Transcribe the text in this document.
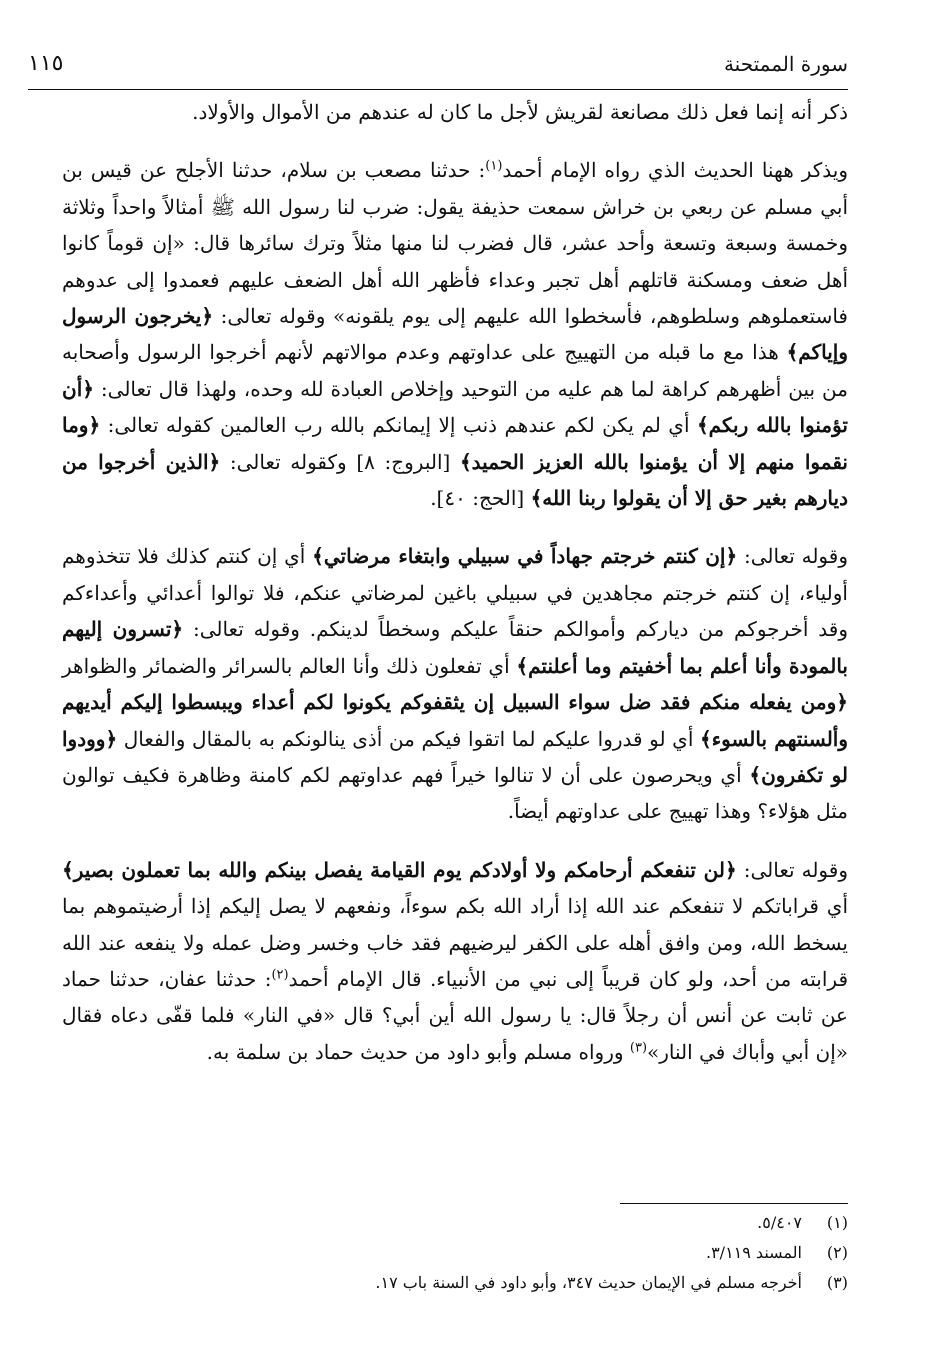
سورة الممتحنة
١١٥

ذكر أنه إنما فعل ذلك مصانعة لقريش لأجل ما كان له عندهم من الأموال والأولاد.

ويذكر ههنا الحديث الذي رواه الإمام أحمد$^{(١)}$: حدثنا مصعب بن سلام، حدثنا الأجلح عن قيس بن أبي مسلم عن ربعي بن خراش سمعت حذيفة يقول: ضرب لنا رسول الله ﷺ أمثالاً واحداً وثلاثة وخمسة وسبعة وتسعة وأحد عشر، قال فضرب لنا منها مثلاً وترك سائرها قال: «إن قوماً كانوا أهل ضعف ومسكنة قاتلهم أهل تجبر وعداء فأظهر الله أهل الضعف عليهم فعمدوا إلى عدوهم فاستعملوهم وسلطوهم، فأسخطوا الله عليهم إلى يوم يلقونه» وقوله تعالى: ﴿يخرجون الرسول وإياكم﴾ هذا مع ما قبله من التهييج على عداوتهم وعدم موالاتهم لأنهم أخرجوا الرسول وأصحابه من بين أظهرهم كراهة لما هم عليه من التوحيد وإخلاص العبادة لله وحده، ولهذا قال تعالى: ﴿أن تؤمنوا بالله ربكم﴾ أي لم يكن لكم عندهم ذنب إلا إيمانكم بالله رب العالمين كقوله تعالى: ﴿وما نقموا منهم إلا أن يؤمنوا بالله العزيز الحميد﴾ [البروج: ٨] وكقوله تعالى: ﴿الذين أخرجوا من ديارهم بغير حق إلا أن يقولوا ربنا الله﴾ [الحج: ٤٠].

وقوله تعالى: ﴿إن كنتم خرجتم جهاداً في سبيلي وابتغاء مرضاتي﴾ أي إن كنتم كذلك فلا تتخذوهم أولياء، إن كنتم خرجتم مجاهدين في سبيلي باغين لمرضاتي عنكم، فلا توالوا أعدائي وأعداءكم وقد أخرجوكم من دياركم وأموالكم حنقاً عليكم وسخطاً لدينكم. وقوله تعالى: ﴿تسرون إليهم بالمودة وأنا أعلم بما أخفيتم وما أعلنتم﴾ أي تفعلون ذلك وأنا العالم بالسرائر والضمائر والظواهر ﴿ومن يفعله منكم فقد ضل سواء السبيل إن يثقفوكم يكونوا لكم أعداء ويبسطوا إليكم أيديهم وألسنتهم بالسوء﴾ أي لو قدروا عليكم لما اتقوا فيكم من أذى ينالونكم به بالمقال والفعال ﴿وودوا لو تكفرون﴾ أي ويحرصون على أن لا تنالوا خيراً فهم عداوتهم لكم كامنة وظاهرة فكيف توالون مثل هؤلاء؟ وهذا تهييج على عداوتهم أيضاً.

وقوله تعالى: ﴿لن تنفعكم أرحامكم ولا أولادكم يوم القيامة يفصل بينكم والله بما تعملون بصير﴾ أي قراباتكم لا تنفعكم عند الله إذا أراد الله بكم سوءاً، ونفعهم لا يصل إليكم إذا أرضيتموهم بما يسخط الله، ومن وافق أهله على الكفر ليرضيهم فقد خاب وخسر وضل عمله ولا ينفعه عند الله قرابته من أحد، ولو كان قريباً إلى نبي من الأنبياء. قال الإمام أحمد$^{(٢)}$: حدثنا عفان، حدثنا حماد عن ثابت عن أنس أن رجلاً قال: يا رسول الله أين أبي؟ قال «في النار» فلما قفّى دعاه فقال «إن أبي وأباك في النار»$^{(٣)}$ ورواه مسلم وأبو داود من حديث حماد بن سلمة به.

(١)
٥/٤٠٧.
(٢)
المسند ٣/١١٩.
(٣)
أخرجه مسلم في الإيمان حديث ٣٤٧، وأبو داود في السنة باب ١٧.
